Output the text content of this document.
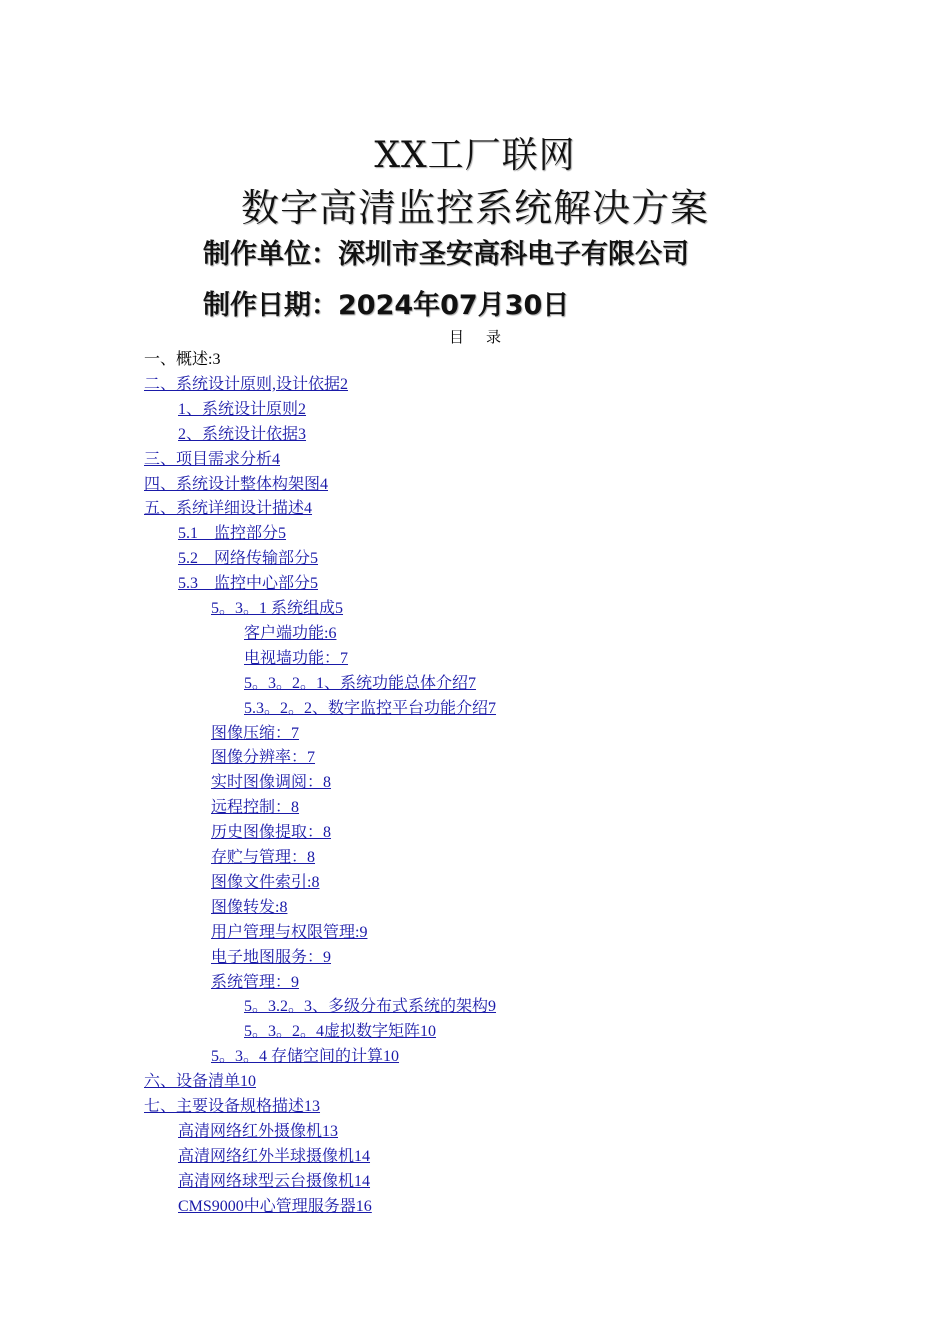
XX工厂联网
数字高清监控系统解决方案
制作单位：深圳市圣安高科电子有限公司
制作日期：2024年07月30日
目录
一、概述:3
二、系统设计原则,设计依据2
1、系统设计原则2
2、系统设计依据3
三、项目需求分析4
四、系统设计整体构架图4
五、系统详细设计描述4
5.1　监控部分5
5.2　网络传输部分5
5.3　监控中心部分5
5。3。1 系统组成5
客户端功能:6
电视墙功能：7
5。3。2。1、系统功能总体介绍7
5.3。2。2、数字监控平台功能介绍7
图像压缩：7
图像分辨率：7
实时图像调阅：8
远程控制：8
历史图像提取：8
存贮与管理：8
图像文件索引:8
图像转发:8
用户管理与权限管理:9
电子地图服务：9
系统管理：9
5。3.2。3、多级分布式系统的架构9
5。3。2。4虚拟数字矩阵10
5。3。4 存储空间的计算10
六、设备清单10
七、主要设备规格描述13
高清网络红外摄像机13
高清网络红外半球摄像机14
高清网络球型云台摄像机14
CMS9000中心管理服务器16
